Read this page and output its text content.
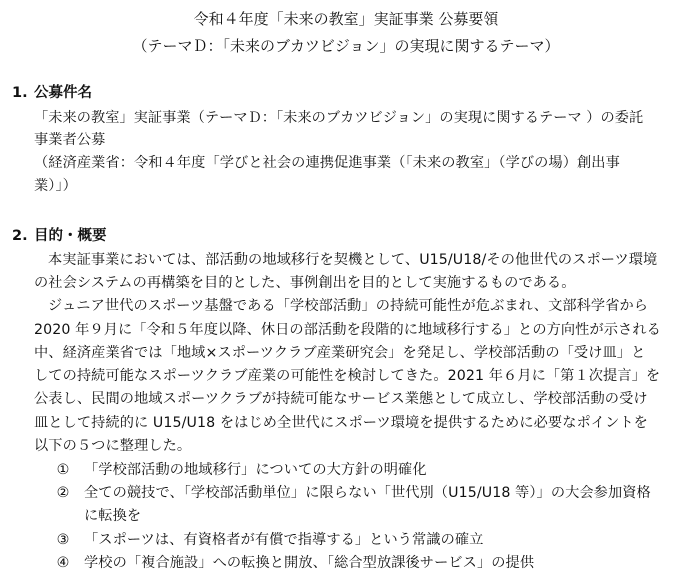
令和４年度「未来の教室」実証事業 公募要領
（テーマＤ：「未来のブカツビジョン」の実現に関するテーマ）
1. 公募件名
「未来の教室」実証事業（テーマＤ：「未来のブカツビジョン」の実現に関するテーマ ）の委託
事業者公募
（経済産業省：令和４年度「学びと社会の連携促進事業（「未来の教室」（学びの場）創出事
業）」）
2. 目的・概要
本実証事業においては、部活動の地域移行を契機として、U15/U18/その他世代のスポーツ環境
の社会システムの再構築を目的とした、事例創出を目的として実施するものである。
ジュニア世代のスポーツ基盤である「学校部活動」の持続可能性が危ぶまれ、文部科学省から
2020 年９月に「令和５年度以降、休日の部活動を段階的に地域移行する」との方向性が示される
中、経済産業省では「地域×スポーツクラブ産業研究会」を発足し、学校部活動の「受け皿」と
しての持続可能なスポーツクラブ産業の可能性を検討してきた。2021 年６月に「第１次提言」を
公表し、民間の地域スポーツクラブが持続可能なサービス業態として成立し、学校部活動の受け
皿として持続的に U15/U18 をはじめ全世代にスポーツ環境を提供するために必要なポイントを
以下の５つに整理した。
① 「学校部活動の地域移行」についての大方針の明確化
② 全ての競技で、「学校部活動単位」に限らない「世代別（U15/U18 等）」の大会参加資格
に転換を
③ 「スポーツは、有資格者が有償で指導する」という常識の確立
④ 学校の「複合施設」への転換と開放、「総合型放課後サービス」の提供
